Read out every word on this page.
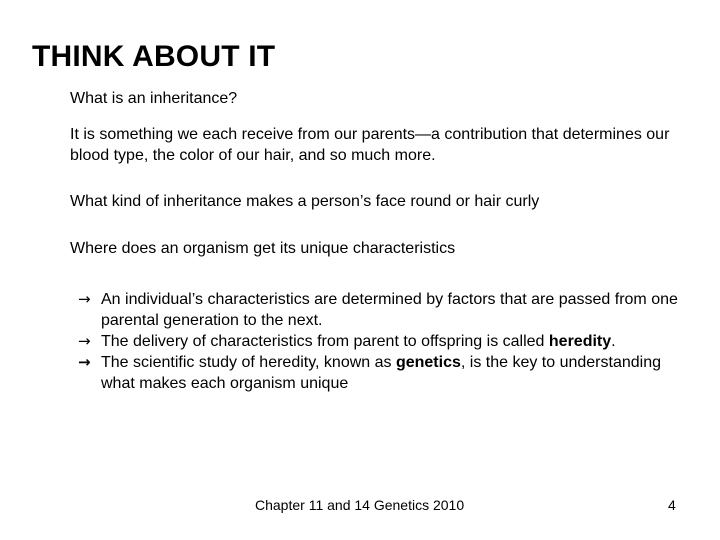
THINK ABOUT IT

What is an inheritance?

It is something we each receive from our parents—a contribution that determines our blood type, the color of our hair, and so much more.

What kind of inheritance makes a person’s face round or hair curly

Where does an organism get its unique characteristics

→ An individual’s characteristics are determined by factors that are passed from one parental generation to the next.
→ The delivery of characteristics from parent to offspring is called heredity.
→ The scientific study of heredity, known as genetics, is the key to understanding what makes each organism unique
Chapter 11 and 14 Genetics 2010	4
